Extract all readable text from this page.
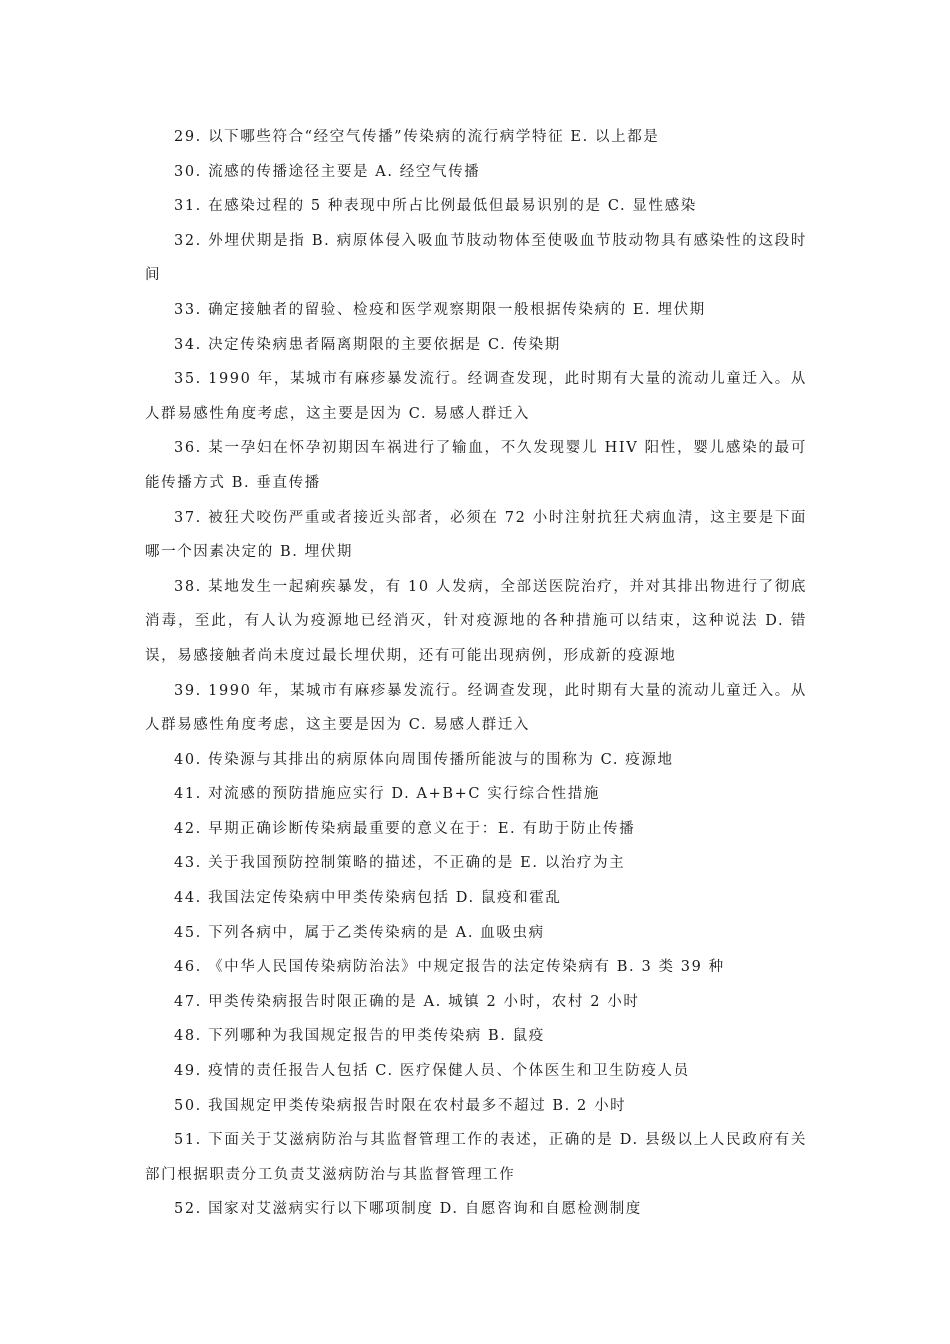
29. 以下哪些符合“经空气传播”传染病的流行病学特征 E. 以上都是

30. 流感的传播途径主要是 A. 经空气传播

31. 在感染过程的 5 种表现中所占比例最低但最易识别的是 C. 显性感染

32. 外埋伏期是指 B. 病原体侵入吸血节肢动物体至使吸血节肢动物具有感染性的这段时间

33. 确定接触者的留验、检疫和医学观察期限一般根据传染病的 E. 埋伏期

34. 决定传染病患者隔离期限的主要依据是 C. 传染期

35. 1990 年，某城市有麻疹暴发流行。经调查发现，此时期有大量的流动儿童迁入。从人群易感性角度考虑，这主要是因为 C. 易感人群迁入

36. 某一孕妇在怀孕初期因车祸进行了输血，不久发现婴儿 HIV 阳性，婴儿感染的最可能传播方式 B. 垂直传播

37. 被狂犬咬伤严重或者接近头部者，必须在 72 小时注射抗狂犬病血清，这主要是下面哪一个因素决定的 B. 埋伏期

38. 某地发生一起痢疾暴发，有 10 人发病，全部送医院治疗，并对其排出物进行了彻底消毒，至此，有人认为疫源地已经消灭，针对疫源地的各种措施可以结束，这种说法 D. 错误，易感接触者尚未度过最长埋伏期，还有可能出现病例，形成新的疫源地

39. 1990 年，某城市有麻疹暴发流行。经调查发现，此时期有大量的流动儿童迁入。从人群易感性角度考虑，这主要是因为 C. 易感人群迁入

40. 传染源与其排出的病原体向周围传播所能波与的围称为 C. 疫源地

41. 对流感的预防措施应实行 D. A+B+C 实行综合性措施

42. 早期正确诊断传染病最重要的意义在于：E. 有助于防止传播

43. 关于我国预防控制策略的描述，不正确的是 E. 以治疗为主

44. 我国法定传染病中甲类传染病包括 D. 鼠疫和霍乱

45. 下列各病中，属于乙类传染病的是 A. 血吸虫病

46. 《中华人民国传染病防治法》中规定报告的法定传染病有 B. 3 类 39 种

47. 甲类传染病报告时限正确的是 A. 城镇 2 小时，农村 2 小时

48. 下列哪种为我国规定报告的甲类传染病 B. 鼠疫

49. 疫情的责任报告人包括 C. 医疗保健人员、个体医生和卫生防疫人员

50. 我国规定甲类传染病报告时限在农村最多不超过 B. 2 小时

51. 下面关于艾滋病防治与其监督管理工作的表述，正确的是 D. 县级以上人民政府有关部门根据职责分工负责艾滋病防治与其监督管理工作

52. 国家对艾滋病实行以下哪项制度 D. 自愿咨询和自愿检测制度
